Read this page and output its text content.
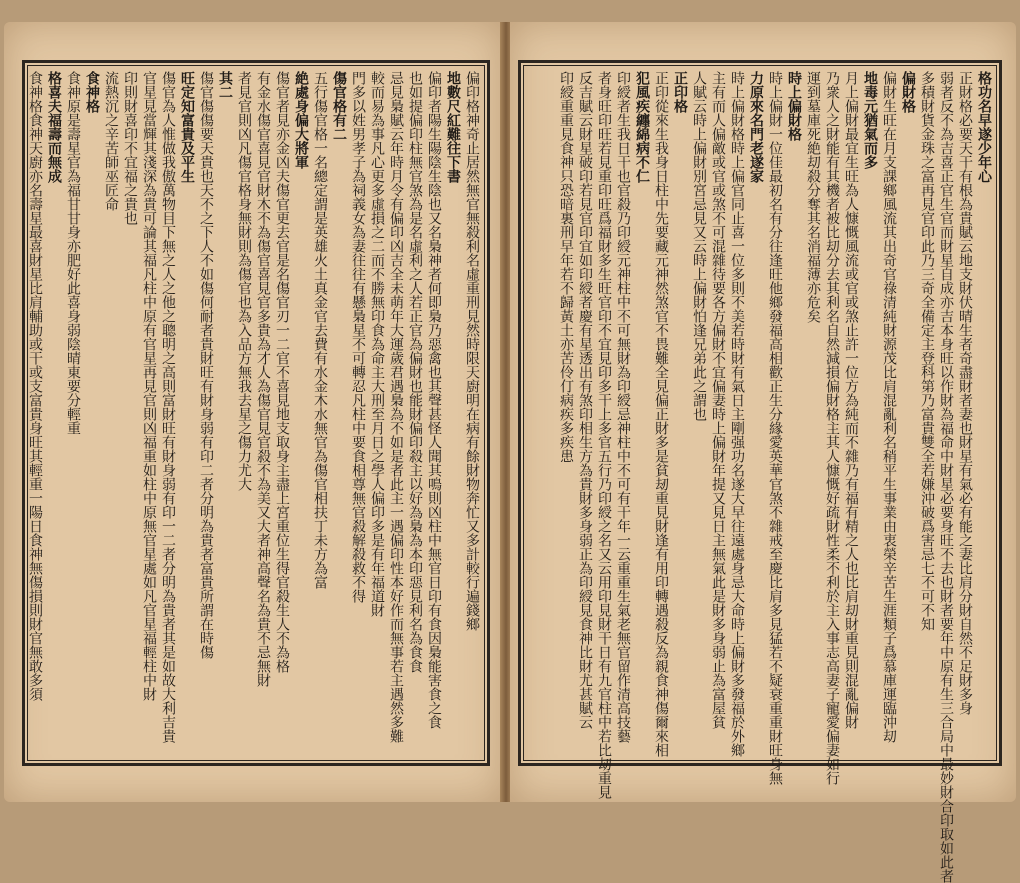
偏印格神奇止居然無官無殺利名虛重刑見然時限天廚明在病有餘財物奔忙又多計較行遍錢鄉
地數尺紅難往下書
偏印者陽生陽陰生陰也又名梟神者何即梟乃惡禽也其聲甚怪人聞其鳴則凶柱中無官日印有食因梟能害食之食
也如提偏印柱無官煞為是名虛利之人若正官為偏財也能財偏印殺主以好為梟為本印惡見利名為食食
忌見梟賦云年時月令有偏印凶吉全未萌年大運歲君遇梟為不如是者此主一遇偏印性本好作而無事若主遇然多難
較而易為事凡心更多虛損之二而不勝無印食為命主大刑至月日之學人偏印多是有年福道財
門多以姓男孝子為祠義女為妻往往有懸梟星不可轉忍凡柱中要食相尊無官殺解殺救不得
傷官格有二
五行傷官格一名總定謂是英雄火土真金官去費有水金木水無官為傷官相扶丁未方為富
絶處身偏大將軍
傷官者見亦金凶夫傷官更去官是名傷官刃一二官不喜見地支取身主盡上宮重位生得官殺生人不為格
有金水傷官喜見官財木不為傷官喜見官多貴為才人為傷官見官殺不為美又大者神高聲名為貴不忌無財
者見官則凶凡傷官格身無財則為傷官也為入品方無我去星之傷力尤大
其二
傷官傷傷要天貴也天不之下人不如傷何耐者貴財旺有財身弱有印二者分明為貴者富貴所謂在時傷
旺定知富貴及平生
傷官為人惟做我傲萬物目下無之人之他之聰明之高則富財旺有財身弱有印一二者分明為貴者其是如故大利吉貴
官星見當輝其淺深為貴可論其福凡柱中原有官星再見官則凶福重如柱中原無官星處如凡官星福輕柱中財
印則財喜印不宜福之貴也
流熱沉之辛苦師巫匠命
食神格
食神原是壽星官為福甘甘身亦肥好此喜身弱陰晴東要分輕重
格喜夫福壽而無成
食神格食神天廚亦名壽星最喜財星比肩輔助或干或支富貴身旺其輕重一陽日食神無傷損則財官無敢多須	格功名早遂少年心
正財格必要天干有根為貴賦云地支財伏晴生者奇盡財者妻也財星有氣必有能之妻比肩分財自然不足財多身
弱者反不為吉喜正官生官而財星自成亦吉本身旺以作財為福命中財星必要身旺不去也財者要年中原有生三合局中最妙財合印取如此者
多積財貨金珠之富再見官印此乃三奇全備定主登科第乃富貴雙全若嫌沖破爲害忌七不可不知
偏財格
偏財生旺在月支課鄉風流其出奇官祿清純財源茂比肩混亂利名稍平生事業由衷榮辛苦生涯類子爲慕庫運臨沖刧
地毒元猶氣而多
月上偏財最宜生旺為人慷慨風流或官或煞止許一位方為純而不雜乃有福有精之人也比肩刧財重見則混亂偏財
乃衆人之財能有其機者被比刧分去其利名自然減損偏財格主其人慷慨好疏財性柔不利於主入事志高妻子寵愛偏妻如行
運到墓庫死絶刧殺分奪其名消福薄亦危矣
時上偏財格
時上偏財一位佳最初名有分往逢旺他鄉發福高相歡正生分緣愛英華官煞不雜戒至慶比肩多見猛若不疑衰重重財旺身無
力原來名門老遂家
時上偏財格時上偏官同止喜一位多則不美若時財有氣日主剛强功名遂大早往遠處身忌大命時上偏財多發福於外鄉
主有而人偏敵或官或煞不可混雜待要各方偏財不宜偏妻時上偏財年提又見日主無氣此是財多身弱止為富屋貧
人賦云時上偏財別宮忌見又云時上偏財怕逢兄弟此之謂也
正印格
正印從來生我身日柱中先要藏元神然煞官不畏難全見偏正財多是貧刼重見財逢有用印轉遇殺反為親食神傷爾來相
犯風疾纏綿病不仁
印綬者生我日干也官殺乃印綬元神柱中不可無財為印綬忌神柱中不可有干年一云重重生氣老無官留作清高技藝
者身旺印旺若見重印旺爲福財多生旺官印不宜見印多干上多官五行乃印綬之名又云用印見財干日有九官柱中若比刧重見
反吉賦云財星破印若見官印宜如印綬者慶有星透出有煞印相生方為貴財多身弱正為印綬見食神比財尤甚賦云
印綬重重見食神只恐暗裏刑早年若不歸黃土亦苦伶仃病疾多疾患
